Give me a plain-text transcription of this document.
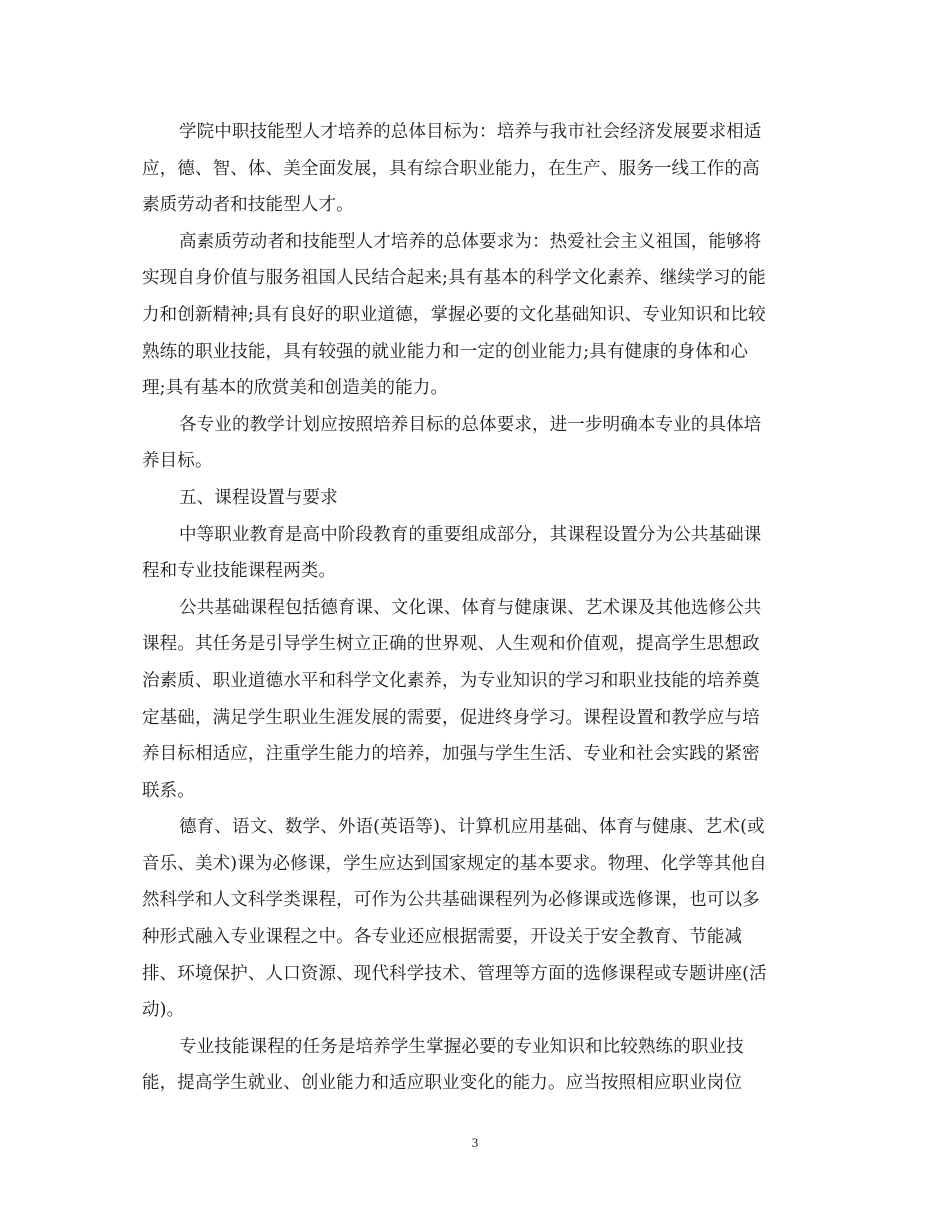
学院中职技能型人才培养的总体目标为：培养与我市社会经济发展要求相适
应，德、智、体、美全面发展，具有综合职业能力，在生产、服务一线工作的高
素质劳动者和技能型人才。
高素质劳动者和技能型人才培养的总体要求为：热爱社会主义祖国，能够将
实现自身价值与服务祖国人民结合起来;具有基本的科学文化素养、继续学习的能
力和创新精神;具有良好的职业道德，掌握必要的文化基础知识、专业知识和比较
熟练的职业技能，具有较强的就业能力和一定的创业能力;具有健康的身体和心
理;具有基本的欣赏美和创造美的能力。
各专业的教学计划应按照培养目标的总体要求，进一步明确本专业的具体培
养目标。
五、课程设置与要求
中等职业教育是高中阶段教育的重要组成部分，其课程设置分为公共基础课
程和专业技能课程两类。
公共基础课程包括德育课、文化课、体育与健康课、艺术课及其他选修公共
课程。其任务是引导学生树立正确的世界观、人生观和价值观，提高学生思想政
治素质、职业道德水平和科学文化素养，为专业知识的学习和职业技能的培养奠
定基础，满足学生职业生涯发展的需要，促进终身学习。课程设置和教学应与培
养目标相适应，注重学生能力的培养，加强与学生生活、专业和社会实践的紧密
联系。
德育、语文、数学、外语(英语等)、计算机应用基础、体育与健康、艺术(或
音乐、美术)课为必修课，学生应达到国家规定的基本要求。物理、化学等其他自
然科学和人文科学类课程，可作为公共基础课程列为必修课或选修课，也可以多
种形式融入专业课程之中。各专业还应根据需要，开设关于安全教育、节能减
排、环境保护、人口资源、现代科学技术、管理等方面的选修课程或专题讲座(活
动)。
专业技能课程的任务是培养学生掌握必要的专业知识和比较熟练的职业技
能，提高学生就业、创业能力和适应职业变化的能力。应当按照相应职业岗位
3
